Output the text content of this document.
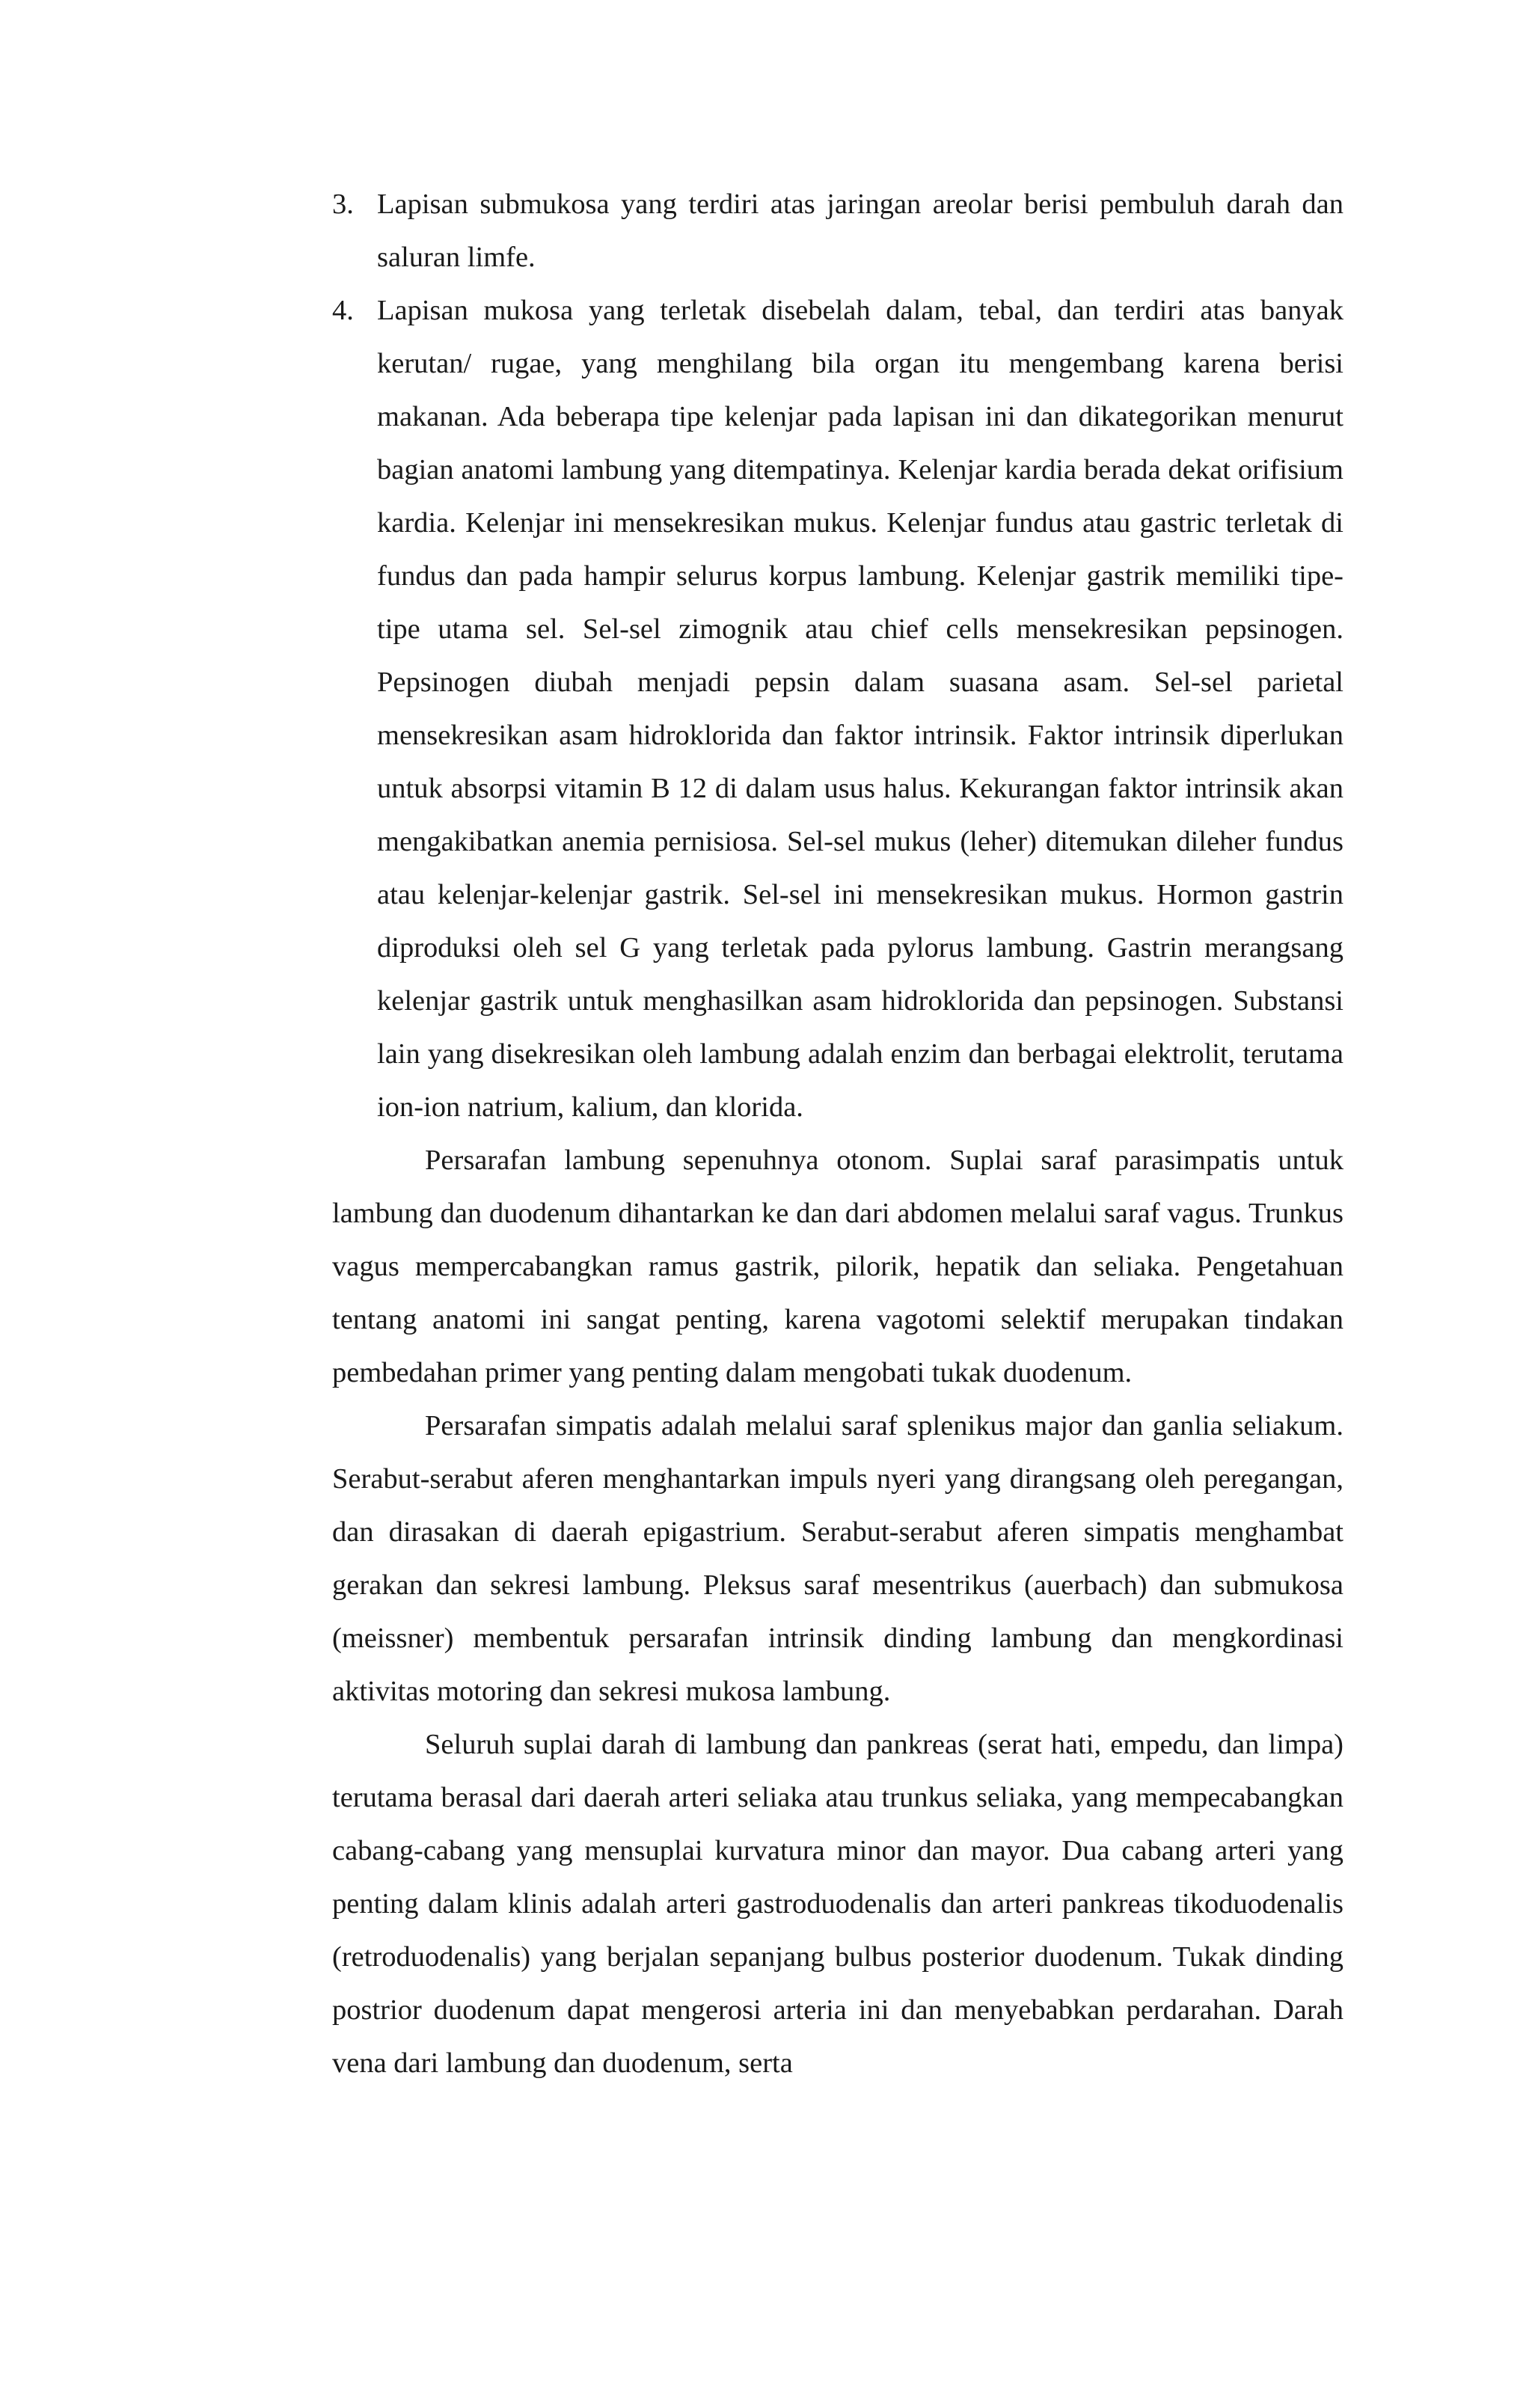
3. Lapisan submukosa yang terdiri atas jaringan areolar berisi pembuluh darah dan saluran limfe.

4. Lapisan mukosa yang terletak disebelah dalam, tebal, dan terdiri atas banyak kerutan/ rugae, yang menghilang bila organ itu mengembang karena berisi makanan. Ada beberapa tipe kelenjar pada lapisan ini dan dikategorikan menurut bagian anatomi lambung yang ditempatinya. Kelenjar kardia berada dekat orifisium kardia. Kelenjar ini mensekresikan mukus. Kelenjar fundus atau gastric terletak di fundus dan pada hampir selurus korpus lambung. Kelenjar gastrik memiliki tipe-tipe utama sel. Sel-sel zimognik atau chief cells mensekresikan pepsinogen. Pepsinogen diubah menjadi pepsin dalam suasana asam. Sel-sel parietal mensekresikan asam hidroklorida dan faktor intrinsik. Faktor intrinsik diperlukan untuk absorpsi vitamin B 12 di dalam usus halus. Kekurangan faktor intrinsik akan mengakibatkan anemia pernisiosa. Sel-sel mukus (leher) ditemukan dileher fundus atau kelenjar-kelenjar gastrik. Sel-sel ini mensekresikan mukus. Hormon gastrin diproduksi oleh sel G yang terletak pada pylorus lambung. Gastrin merangsang kelenjar gastrik untuk menghasilkan asam hidroklorida dan pepsinogen. Substansi lain yang disekresikan oleh lambung adalah enzim dan berbagai elektrolit, terutama ion-ion natrium, kalium, dan klorida.

Persarafan lambung sepenuhnya otonom. Suplai saraf parasimpatis untuk lambung dan duodenum dihantarkan ke dan dari abdomen melalui saraf vagus. Trunkus vagus mempercabangkan ramus gastrik, pilorik, hepatik dan seliaka. Pengetahuan tentang anatomi ini sangat penting, karena vagotomi selektif merupakan tindakan pembedahan primer yang penting dalam mengobati tukak duodenum.

Persarafan simpatis adalah melalui saraf splenikus major dan ganlia seliakum. Serabut-serabut aferen menghantarkan impuls nyeri yang dirangsang oleh peregangan, dan dirasakan di daerah epigastrium. Serabut-serabut aferen simpatis menghambat gerakan dan sekresi lambung. Pleksus saraf mesentrikus (auerbach) dan submukosa (meissner) membentuk persarafan intrinsik dinding lambung dan mengkordinasi aktivitas motoring dan sekresi mukosa lambung.

Seluruh suplai darah di lambung dan pankreas (serat hati, empedu, dan limpa) terutama berasal dari daerah arteri seliaka atau trunkus seliaka, yang mempecabangkan cabang-cabang yang mensuplai kurvatura minor dan mayor. Dua cabang arteri yang penting dalam klinis adalah arteri gastroduodenalis dan arteri pankreas tikoduodenalis (retroduodenalis) yang berjalan sepanjang bulbus posterior duodenum. Tukak dinding postrior duodenum dapat mengerosi arteria ini dan menyebabkan perdarahan. Darah vena dari lambung dan duodenum, serta
